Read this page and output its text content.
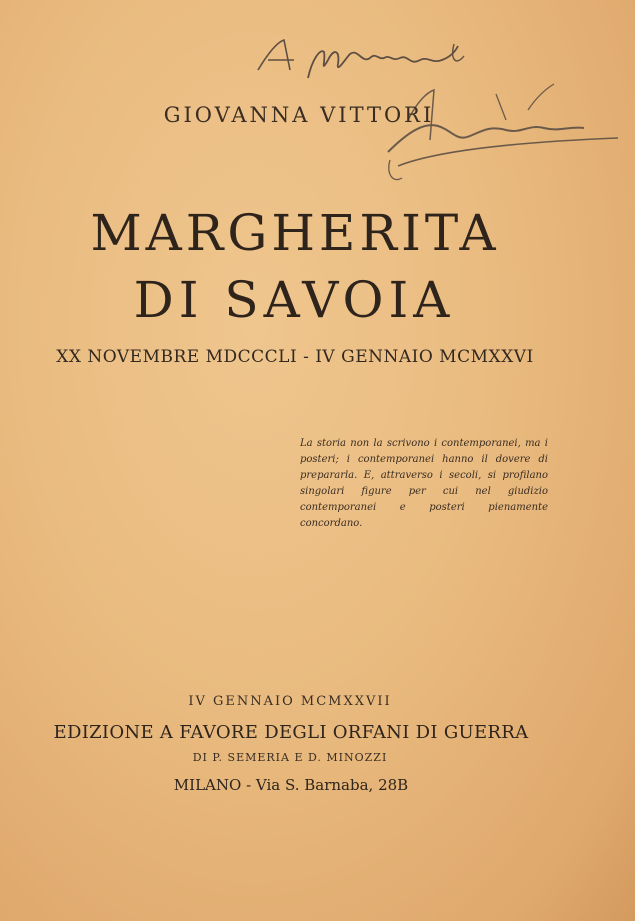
GIOVANNA VITTORI
MARGHERITA
DI SAVOIA
XX NOVEMBRE MDCCCLI - IV GENNAIO MCMXXVI
La storia non la scrivono i contemporanei, ma i posteri; i contemporanei hanno il dovere di prepararla. E, attraverso i secoli, si profilano singolari figure per cui nel giudizio contemporanei e posteri pienamente concordano.
IV GENNAIO MCMXXVII
EDIZIONE A FAVORE DEGLI ORFANI DI GUERRA
DI P. SEMERIA E D. MINOZZI
MILANO - Via S. Barnaba, 28B
